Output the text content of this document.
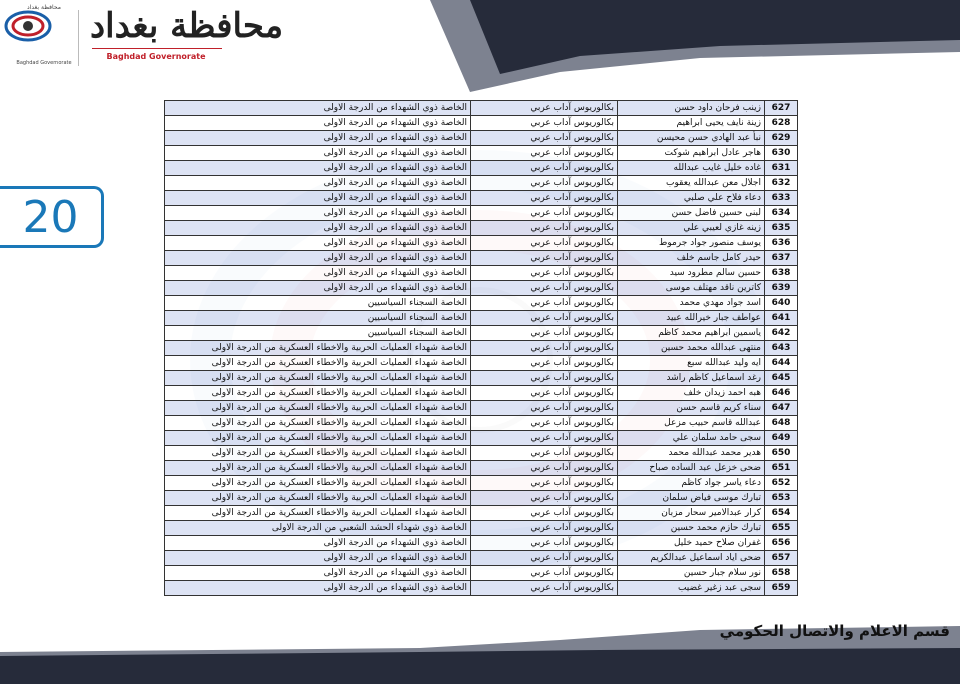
محافظة بغداد
Baghdad Governorate
محافظة بغداد
Baghdad Governorate
20
627	زينب فرحان داود حسن	بكالوريوس آداب عربي	الخاصة ذوي الشهداء من الدرجة الاولى
628	زينة نايف يحيى ابراهيم	بكالوريوس آداب عربي	الخاصة ذوي الشهداء من الدرجة الاولى
629	نبأ عبد الهادي حسن محيسن	بكالوريوس آداب عربي	الخاصة ذوي الشهداء من الدرجة الاولى
630	هاجر عادل ابراهيم شوكت	بكالوريوس آداب عربي	الخاصة ذوي الشهداء من الدرجة الاولى
631	غاده خليل غايب عبدالله	بكالوريوس آداب عربي	الخاصة ذوي الشهداء من الدرجة الاولى
632	اجلال معن عبدالله يعقوب	بكالوريوس آداب عربي	الخاصة ذوي الشهداء من الدرجة الاولى
633	دعاء فلاح علي صلبي	بكالوريوس آداب عربي	الخاصة ذوي الشهداء من الدرجة الاولى
634	لبنى حسين فاضل حسن	بكالوريوس آداب عربي	الخاصة ذوي الشهداء من الدرجة الاولى
635	زينه غازي لعيبي علي	بكالوريوس آداب عربي	الخاصة ذوي الشهداء من الدرجة الاولى
636	يوسف منصور جواد جرموط	بكالوريوس آداب عربي	الخاصة ذوي الشهداء من الدرجة الاولى
637	حيدر كامل جاسم خلف	بكالوريوس آداب عربي	الخاصة ذوي الشهداء من الدرجة الاولى
638	حسين سالم مطرود سيد	بكالوريوس آداب عربي	الخاصة ذوي الشهداء من الدرجة الاولى
639	كاترين ناقد مهتلف موسى	بكالوريوس آداب عربي	الخاصة ذوي الشهداء من الدرجة الاولى
640	اسد جواد مهدي محمد	بكالوريوس آداب عربي	الخاصة السجناء السياسيين
641	عواطف جبار خيرالله عبيد	بكالوريوس آداب عربي	الخاصة السجناء السياسيين
642	ياسمين ابراهيم محمد كاظم	بكالوريوس آداب عربي	الخاصة السجناء السياسيين
643	منتهى عبدالله محمد حسين	بكالوريوس آداب عربي	الخاصة شهداء العمليات الحربية والاخطاء العسكرية من الدرجة الاولى
644	ايه وليد عبدالله سبع	بكالوريوس آداب عربي	الخاصة شهداء العمليات الحربية والاخطاء العسكرية من الدرجة الاولى
645	رغد اسماعيل كاظم راشد	بكالوريوس آداب عربي	الخاصة شهداء العمليات الحربية والاخطاء العسكرية من الدرجة الاولى
646	هبه احمد زيدان خلف	بكالوريوس آداب عربي	الخاصة شهداء العمليات الحربية والاخطاء العسكرية من الدرجة الاولى
647	سناء كريم قاسم حسن	بكالوريوس آداب عربي	الخاصة شهداء العمليات الحربية والاخطاء العسكرية من الدرجة الاولى
648	عبدالله قاسم حبيب مزعل	بكالوريوس آداب عربي	الخاصة شهداء العمليات الحربية والاخطاء العسكرية من الدرجة الاولى
649	سجى حامد سلمان علي	بكالوريوس آداب عربي	الخاصة شهداء العمليات الحربية والاخطاء العسكرية من الدرجة الاولى
650	هدير محمد عبدالله محمد	بكالوريوس آداب عربي	الخاصة شهداء العمليات الحربية والاخطاء العسكرية من الدرجة الاولى
651	ضحى خزعل عبد الساده صباح	بكالوريوس آداب عربي	الخاصة شهداء العمليات الحربية والاخطاء العسكرية من الدرجة الاولى
652	دعاء ياسر جواد كاظم	بكالوريوس آداب عربي	الخاصة شهداء العمليات الحربية والاخطاء العسكرية من الدرجة الاولى
653	تبارك موسى فياض سلمان	بكالوريوس آداب عربي	الخاصة شهداء العمليات الحربية والاخطاء العسكرية من الدرجة الاولى
654	كرار عبدالامير سحار مزبان	بكالوريوس آداب عربي	الخاصة شهداء العمليات الحربية والاخطاء العسكرية من الدرجة الاولى
655	تبارك حازم محمد حسين	بكالوريوس آداب عربي	الخاصة ذوي شهداء الحشد الشعبي من الدرجة الاولى
656	غفران صلاح حميد خليل	بكالوريوس آداب عربي	الخاصة ذوي الشهداء من الدرجة الاولى
657	ضحى اياد اسماعيل عبدالكريم	بكالوريوس آداب عربي	الخاصة ذوي الشهداء من الدرجة الاولى
658	نور سلام جبار حسين	بكالوريوس آداب عربي	الخاصة ذوي الشهداء من الدرجة الاولى
659	سجى عبد زغير غضيب	بكالوريوس آداب عربي	الخاصة ذوي الشهداء من الدرجة الاولى
قسم الاعلام والاتصال الحكومي
